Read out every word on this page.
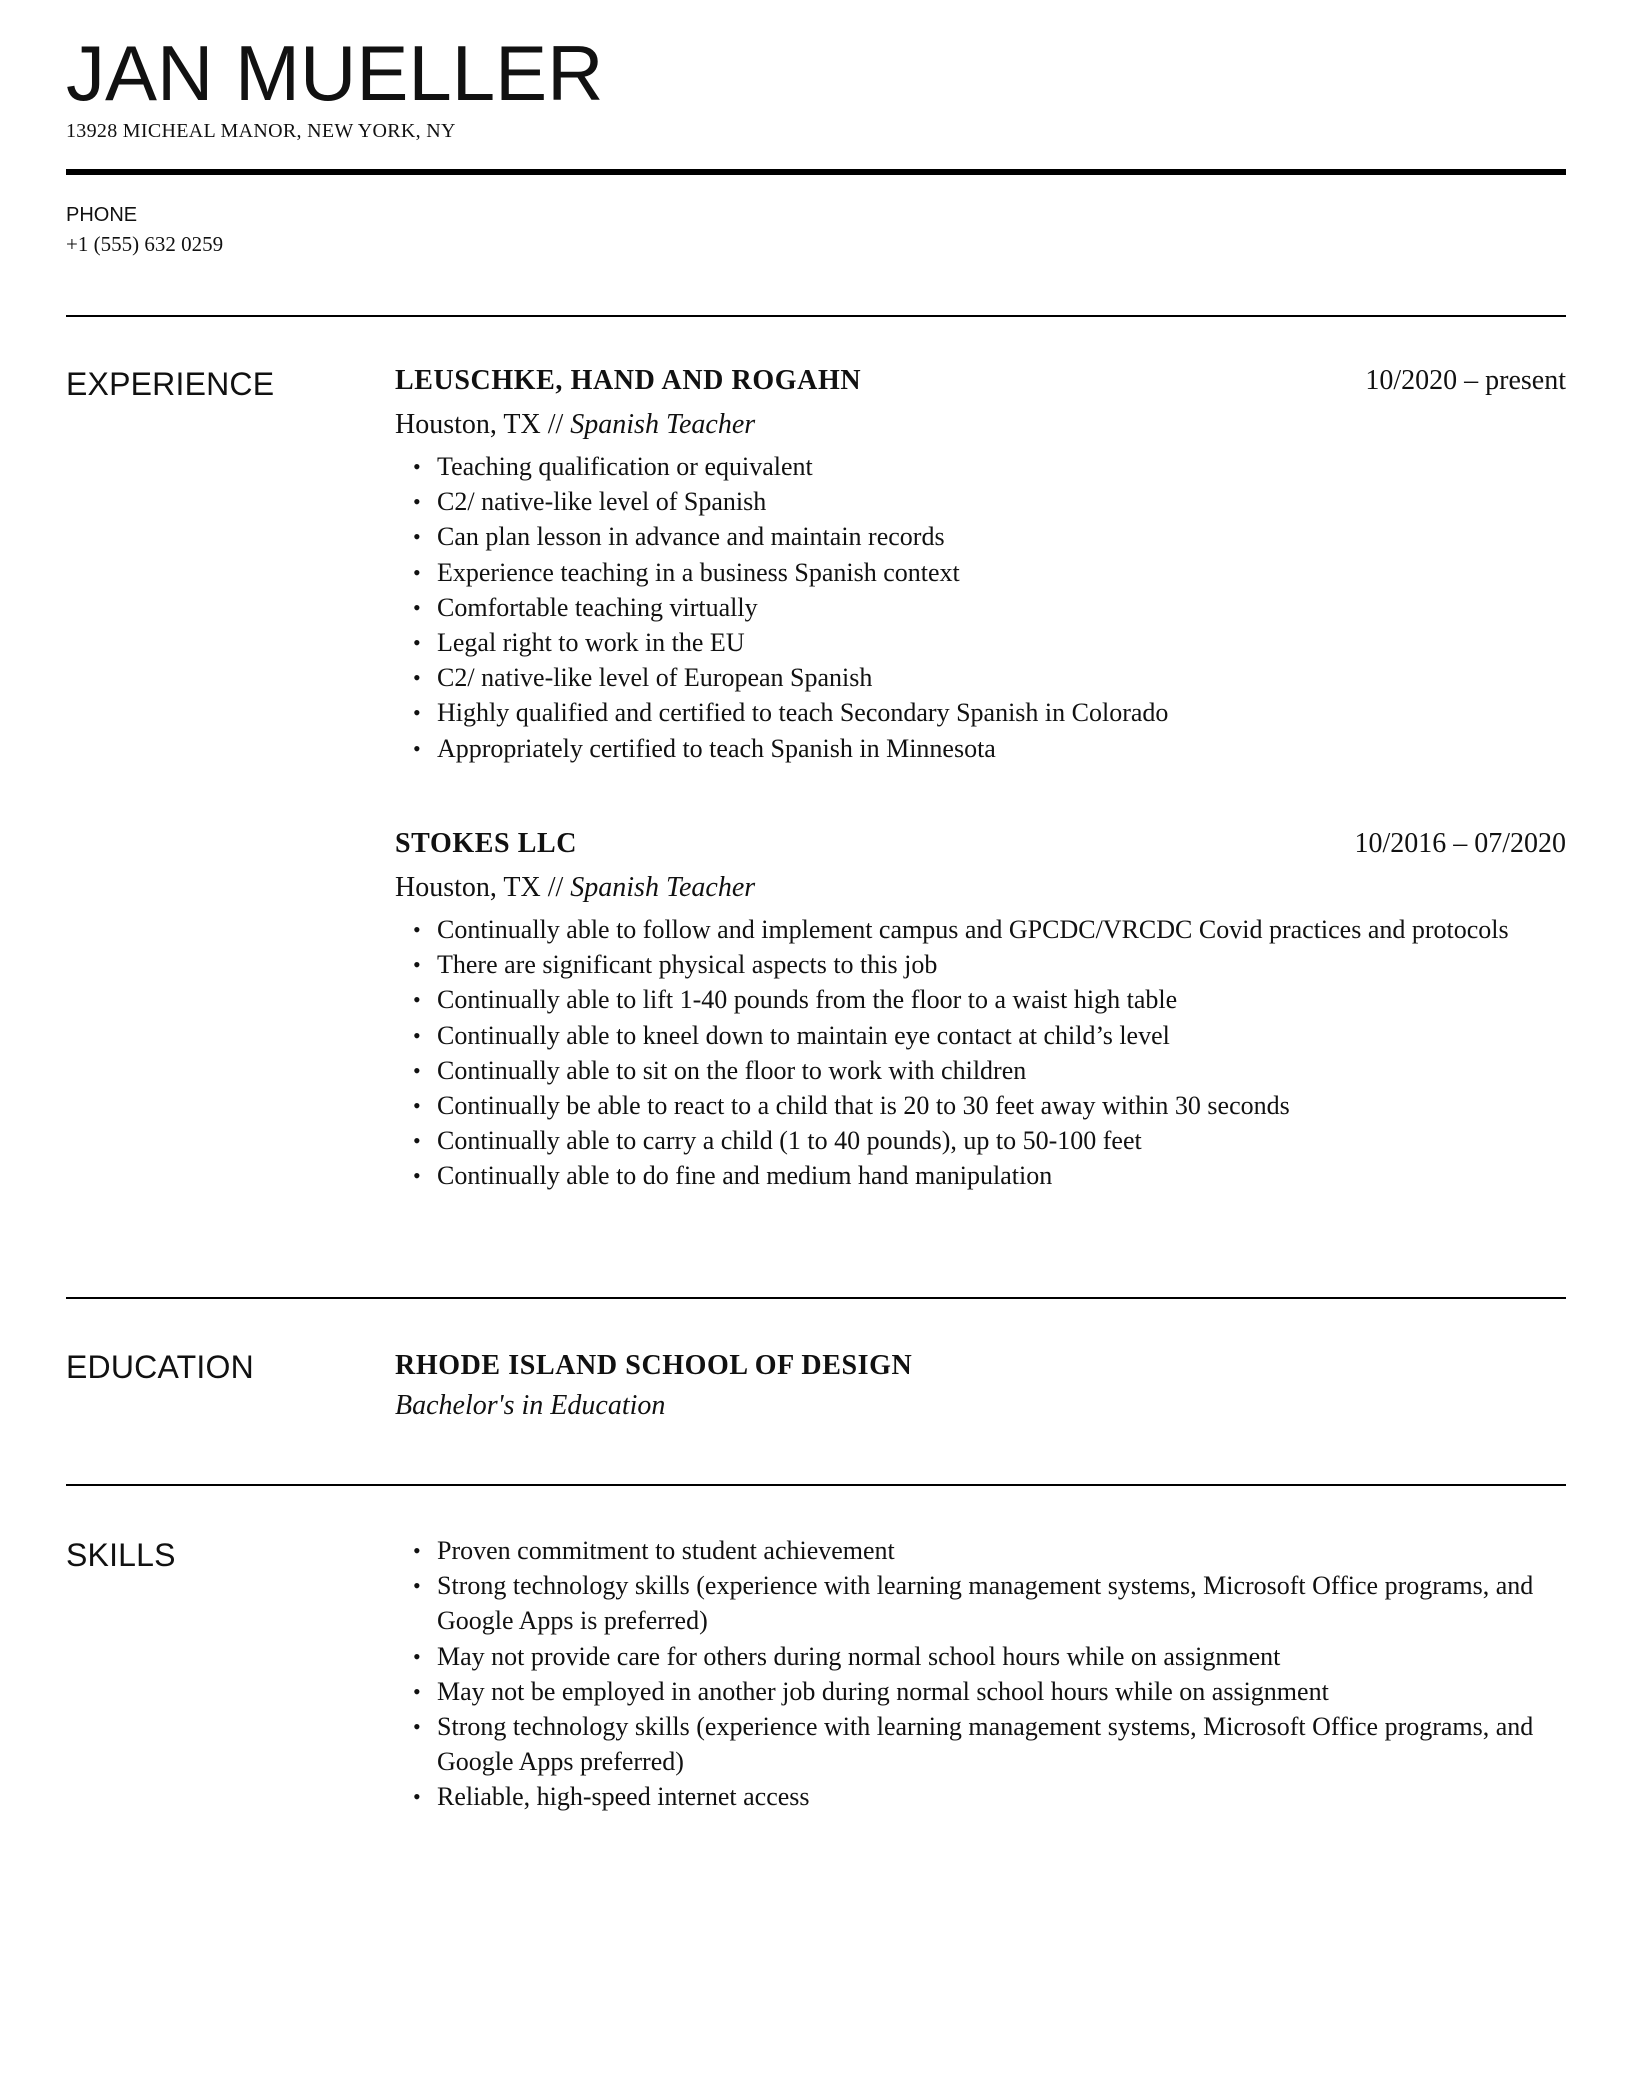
JAN MUELLER
13928 MICHEAL MANOR, NEW YORK, NY
PHONE
+1 (555) 632 0259
EXPERIENCE	LEUSCHKE, HAND AND ROGAHN	10/2020 – present
Houston, TX // Spanish Teacher
• Teaching qualification or equivalent
• C2/ native-like level of Spanish
• Can plan lesson in advance and maintain records
• Experience teaching in a business Spanish context
• Comfortable teaching virtually
• Legal right to work in the EU
• C2/ native-like level of European Spanish
• Highly qualified and certified to teach Secondary Spanish in Colorado
• Appropriately certified to teach Spanish in Minnesota
STOKES LLC	10/2016 – 07/2020
Houston, TX // Spanish Teacher
• Continually able to follow and implement campus and GPCDC/VRCDC Covid practices and protocols
• There are significant physical aspects to this job
• Continually able to lift 1-40 pounds from the floor to a waist high table
• Continually able to kneel down to maintain eye contact at child’s level
• Continually able to sit on the floor to work with children
• Continually be able to react to a child that is 20 to 30 feet away within 30 seconds
• Continually able to carry a child (1 to 40 pounds), up to 50-100 feet
• Continually able to do fine and medium hand manipulation
EDUCATION	RHODE ISLAND SCHOOL OF DESIGN
Bachelor's in Education
SKILLS
•	Proven commitment to student achievement
• Strong technology skills (experience with learning management systems, Microsoft Office programs, and Google Apps is preferred)
• May not provide care for others during normal school hours while on assignment
• May not be employed in another job during normal school hours while on assignment
• Strong technology skills (experience with learning management systems, Microsoft Office programs, and Google Apps preferred)
• Reliable, high-speed internet access
